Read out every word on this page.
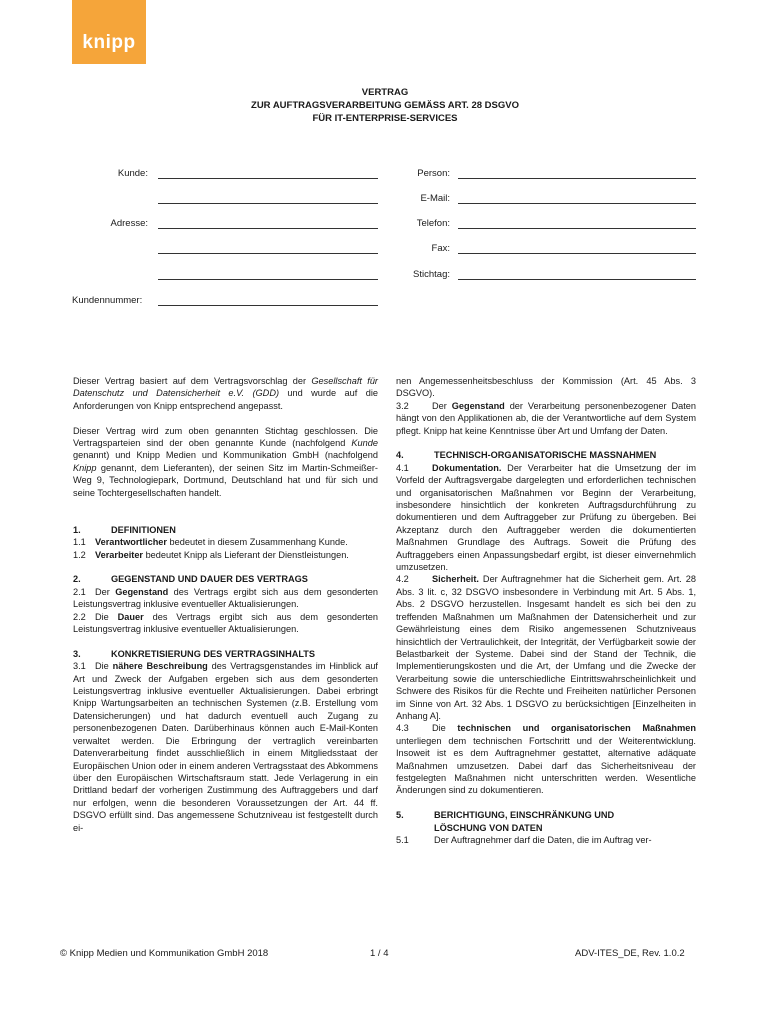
knipp
VERTRAG
ZUR AUFTRAGSVERARBEITUNG GEMÄSS ART. 28 DSGVO
FÜR IT-ENTERPRISE-SERVICES
Kunde:
Adresse:
Kundennummer:
Person:
E-Mail:
Telefon:
Fax:
Stichtag:

Dieser Vertrag basiert auf dem Vertragsvorschlag der Gesellschaft für Datenschutz und Datensicherheit e.V. (GDD) und wurde auf die Anforderungen von Knipp entsprechend angepasst.

Dieser Vertrag wird zum oben genannten Stichtag geschlossen. Die Vertragsparteien sind der oben genannte Kunde (nachfolgend Kunde genannt) und Knipp Medien und Kommunikation GmbH (nachfolgend Knipp genannt, dem Lieferanten), der seinen Sitz im Martin-Schmeißer-Weg 9, Technologiepark, Dortmund, Deutschland hat und für sich und seine Tochtergesellschaften handelt.

1.	DEFINITIONEN
1.1 Verantwortlicher bedeutet in diesem Zusammenhang Kunde.
1.2 Verarbeiter bedeutet Knipp als Lieferant der Dienstleistungen.
2.	GEGENSTAND UND DAUER DES VERTRAGS
2.1 Der Gegenstand des Vertrags ergibt sich aus dem gesonderten Leistungsvertrag inklusive eventueller Aktualisierungen.
2.2 Die Dauer des Vertrags ergibt sich aus dem gesonderten Leistungsvertrag inklusive eventueller Aktualisierungen.
3.	KONKRETISIERUNG DES VERTRAGSINHALTS
3.1 Die nähere Beschreibung des Vertragsgenstandes im Hinblick auf Art und Zweck der Aufgaben ergeben sich aus dem gesonderten Leistungsvertrag inklusive eventueller Aktualisierungen. Dabei erbringt Knipp Wartungsarbeiten an technischen Systemen (z.B. Erstellung vom Datensicherungen) und hat dadurch eventuell auch Zugang zu personenbezogenen Daten. Darüberhinaus können auch E-Mail-Konten verwaltet werden. Die Erbringung der vertraglich vereinbarten Datenverarbeitung findet ausschließlich in einem Mitgliedsstaat der Europäischen Union oder in einem anderen Vertragsstaat des Abkommens über den Europäischen Wirtschaftsraum statt. Jede Verlagerung in ein Drittland bedarf der vorherigen Zustimmung des Auftraggebers und darf nur erfolgen, wenn die besonderen Voraussetzungen der Art. 44 ff. DSGVO erfüllt sind. Das angemessene Schutzniveau ist festgestellt durch ei-
nen Angemessenheitsbeschluss der Kommission (Art. 45 Abs. 3 DSGVO).
3.2	Der Gegenstand der Verarbeitung personenbezogener Daten hängt von den Applikationen ab, die der Verantwortliche auf dem System pflegt. Knipp hat keine Kenntnisse über Art und Umfang der Daten.
4.	TECHNISCH-ORGANISATORISCHE MASSNAHMEN
4.1	Dokumentation. Der Verarbeiter hat die Umsetzung der im Vorfeld der Auftragsvergabe dargelegten und erforderlichen technischen und organisatorischen Maßnahmen vor Beginn der Verarbeitung, insbesondere hinsichtlich der konkreten Auftragsdurchführung zu dokumentieren und dem Auftraggeber zur Prüfung zu übergeben. Bei Akzeptanz durch den Auftraggeber werden die dokumentierten Maßnahmen Grundlage des Auftrags. Soweit die Prüfung des Auftraggebers einen Anpassungsbedarf ergibt, ist dieser einvernehmlich umzusetzen.
4.2	Sicherheit. Der Auftragnehmer hat die Sicherheit gem. Art. 28 Abs. 3 lit. c, 32 DSGVO insbesondere in Verbindung mit Art. 5 Abs. 1, Abs. 2 DSGVO herzustellen. Insgesamt handelt es sich bei den zu treffenden Maßnahmen um Maßnahmen der Datensicherheit und zur Gewährleistung eines dem Risiko angemessenen Schutzniveaus hinsichtlich der Vertraulichkeit, der Integrität, der Verfügbarkeit sowie der Belastbarkeit der Systeme. Dabei sind der Stand der Technik, die Implementierungskosten und die Art, der Umfang und die Zwecke der Verarbeitung sowie die unterschiedliche Eintrittswahrscheinlichkeit und Schwere des Risikos für die Rechte und Freiheiten natürlicher Personen im Sinne von Art. 32 Abs. 1 DSGVO zu berücksichtigen [Einzelheiten in Anhang A].
4.3	Die technischen und organisatorischen Maßnahmen unterliegen dem technischen Fortschritt und der Weiterentwicklung. Insoweit ist es dem Auftragnehmer gestattet, alternative adäquate Maßnahmen umzusetzen. Dabei darf das Sicherheitsniveau der festgelegten Maßnahmen nicht unterschritten werden. Wesentliche Änderungen sind zu dokumentieren.
5.	BERICHTIGUNG, EINSCHRÄNKUNG UND
LÖSCHUNG VON DATEN
5.1	Der Auftragnehmer darf die Daten, die im Auftrag ver-
© Knipp Medien und Kommunikation GmbH 2018	1 / 4	ADV-ITES_DE, Rev. 1.0.2
